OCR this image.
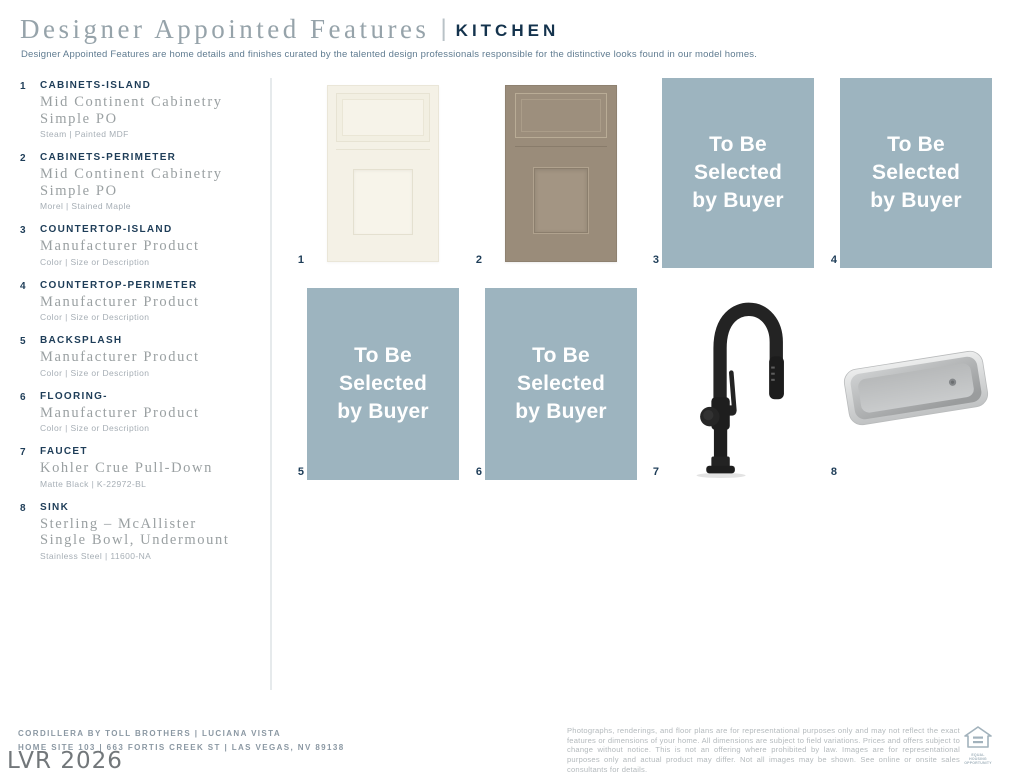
Designer Appointed Features | KITCHEN
Designer Appointed Features are home details and finishes curated by the talented design professionals responsible for the distinctive looks found in our model homes.
1	CABINETS-ISLAND
Mid Continent Cabinetry
Simple PO
Steam | Painted MDF
2	CABINETS-PERIMETER
Mid Continent Cabinetry
Simple PO
Morel | Stained Maple
3	COUNTERTOP-ISLAND
Manufacturer Product
Color | Size or Description
4	COUNTERTOP-PERIMETER
Manufacturer Product
Color | Size or Description
5	BACKSPLASH
Manufacturer Product
Color | Size or Description
6	FLOORING-
Manufacturer Product
Color | Size or Description
7	FAUCET
Kohler Crue Pull-Down
Matte Black | K-22972-BL
8	SINK
Sterling – McAllister
Single Bowl, Undermount
Stainless Steel | 11600-NA
1	2	3
To Be
Selected
by Buyer
4
To Be
Selected
by Buyer
5
To Be
Selected
by Buyer
6
To Be
Selected
by Buyer
7	8
CORDILLERA BY TOLL BROTHERS | LUCIANA VISTA
HOME SITE 103 | 663 FORTIS CREEK ST | LAS VEGAS, NV 89138
LVR 2026
Photographs, renderings, and floor plans are for representational purposes only and may not reflect the exact features or dimensions of your home. All dimensions are subject to field variations. Prices and offers subject to change without notice. This is not an offering where prohibited by law. Images are for representational purposes only and actual product may differ. Not all images may be shown. See online or onsite sales consultants for details.
EQUAL HOUSING
OPPORTUNITY
